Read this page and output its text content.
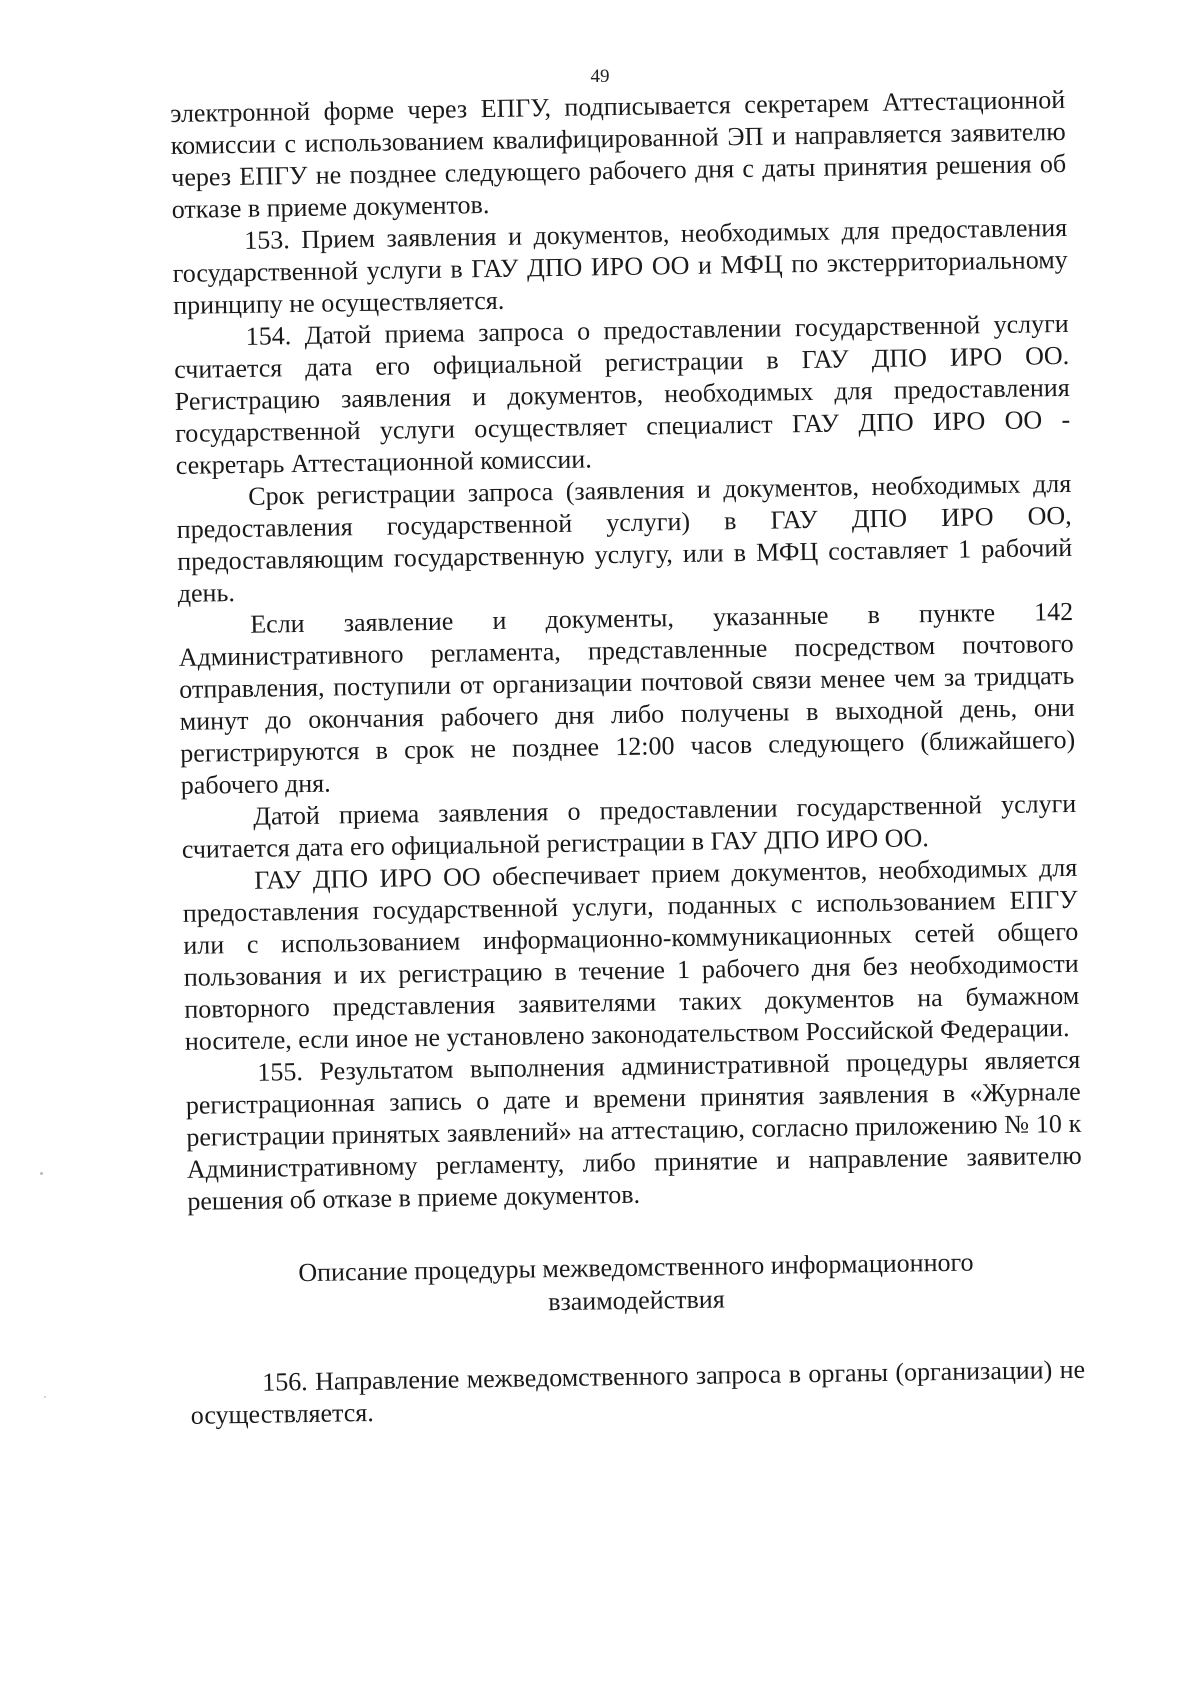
49

электронной форме через ЕПГУ, подписывается секретарем Аттестационной комиссии с использованием квалифицированной ЭП и направляется заявителю через ЕПГУ не позднее следующего рабочего дня с даты принятия решения об отказе в приеме документов.

153. Прием заявления и документов, необходимых для предоставления государственной услуги в ГАУ ДПО ИРО ОО и МФЦ по экстерриториальному принципу не осуществляется.

154. Датой приема запроса о предоставлении государственной услуги считается дата его официальной регистрации в ГАУ ДПО ИРО ОО. Регистрацию заявления и документов, необходимых для предоставления государственной услуги осуществляет специалист ГАУ ДПО ИРО ОО - секретарь Аттестационной комиссии.

Срок регистрации запроса (заявления и документов, необходимых для предоставления государственной услуги) в ГАУ ДПО ИРО ОО, предоставляющим государственную услугу, или в МФЦ составляет 1 рабочий день.

Если заявление и документы, указанные в пункте 142 Административного регламента, представленные посредством почтового отправления, поступили от организации почтовой связи менее чем за тридцать минут до окончания рабочего дня либо получены в выходной день, они регистрируются в срок не позднее 12:00 часов следующего (ближайшего) рабочего дня.

Датой приема заявления о предоставлении государственной услуги считается дата его официальной регистрации в ГАУ ДПО ИРО ОО.

ГАУ ДПО ИРО ОО обеспечивает прием документов, необходимых для предоставления государственной услуги, поданных с использованием ЕПГУ или с использованием информационно-коммуникационных сетей общего пользования и их регистрацию в течение 1 рабочего дня без необходимости повторного представления заявителями таких документов на бумажном носителе, если иное не установлено законодательством Российской Федерации.

155. Результатом выполнения административной процедуры является регистрационная запись о дате и времени принятия заявления в «Журнале регистрации принятых заявлений» на аттестацию, согласно приложению № 10 к Административному регламенту, либо принятие и направление заявителю решения об отказе в приеме документов.

Описание процедуры межведомственного информационного
взаимодействия

156. Направление межведомственного запроса в органы (организации) не осуществляется.
